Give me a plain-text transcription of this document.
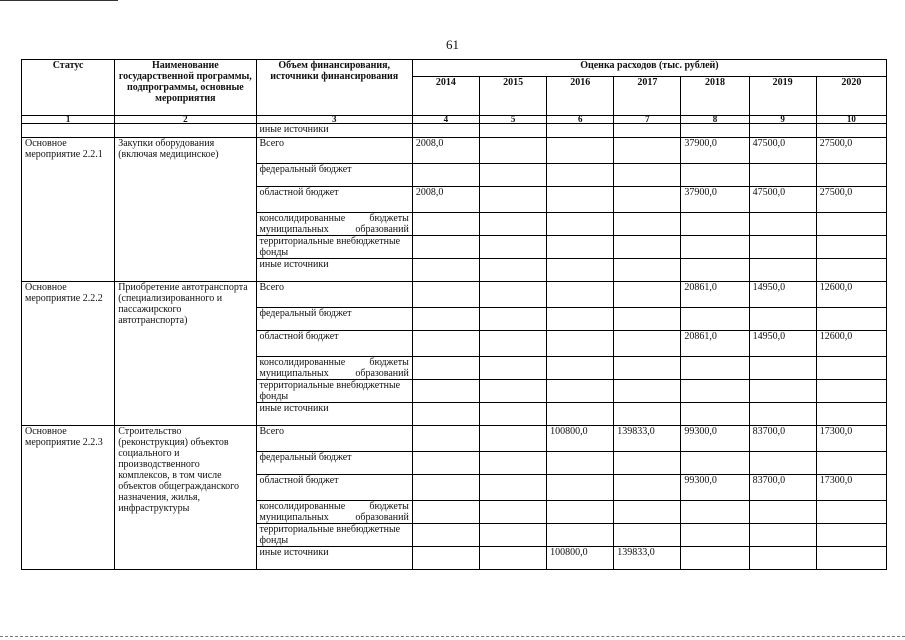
61
Статус	Наименование государственной программы, подпрограммы, основные мероприятия	Объем финансирования, источники финансирования	Оценка расходов (тыс. рублей)						
			2014	2015	2016	2017	2018	2019	2020
1	2	3	4	5	6	7	8	9	10
		иные источники							
Основное мероприятие 2.2.1	Закупки оборудования (включая медицинское)	Всего	2008,0				37900,0	47500,0	27500,0
		федеральный бюджет							
		областной бюджет	2008,0				37900,0	47500,0	27500,0
		консолидированные бюджеты муниципальных образований							
		территориальные внебюджетные фонды							
		иные источники							
Основное мероприятие 2.2.2	Приобретение автотранспорта (специализированного и пассажирского автотранспорта)	Всего					20861,0	14950,0	12600,0
		федеральный бюджет							
		областной бюджет					20861,0	14950,0	12600,0
		консолидированные бюджеты муниципальных образований							
		территориальные внебюджетные фонды							
		иные источники							
Основное мероприятие 2.2.3	Строительство (реконструкция) объектов социального и производственного комплексов, в том числе объектов общегражданского назначения, жилья, инфраструктуры	Всего			100800,0	139833,0	99300,0	83700,0	17300,0
		федеральный бюджет							
		областной бюджет					99300,0	83700,0	17300,0
		консолидированные бюджеты муниципальных образований							
		территориальные внебюджетные фонды							
		иные источники			100800,0	139833,0			
